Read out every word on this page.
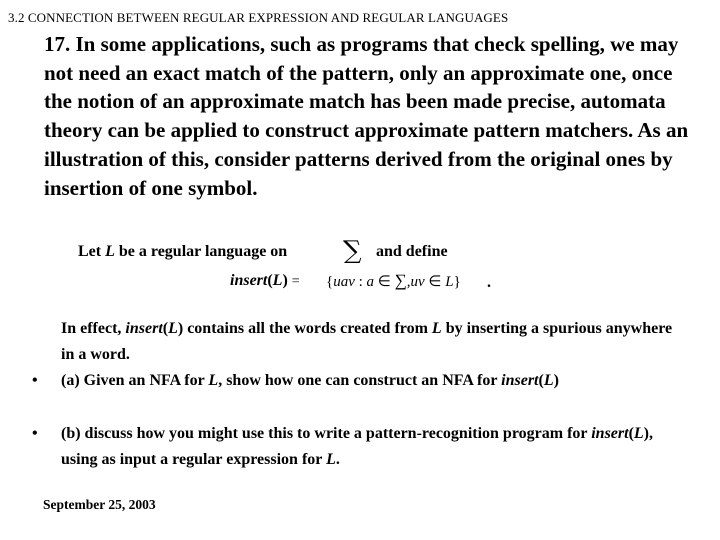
3.2 CONNECTION BETWEEN REGULAR EXPRESSION AND REGULAR LANGUAGES
17. In some applications, such as programs that check spelling, we may not need an exact match of the pattern, only an approximate one, once the notion of an approximate match has been made precise, automata theory can be applied to construct approximate pattern matchers. As an illustration of this, consider patterns derived from the original ones by insertion of one symbol.
Let L be a regular language on ∑ and define
insert(L) = {uav : a ∈ ∑,uv ∈ L} .
In effect, insert(L) contains all the words created from L by inserting a spurious anywhere in a word.
• (a) Given an NFA for L, show how one can construct an NFA for insert(L)
• (b) discuss how you might use this to write a pattern-recognition program for insert(L), using as input a regular expression for L.
September 25, 2003
